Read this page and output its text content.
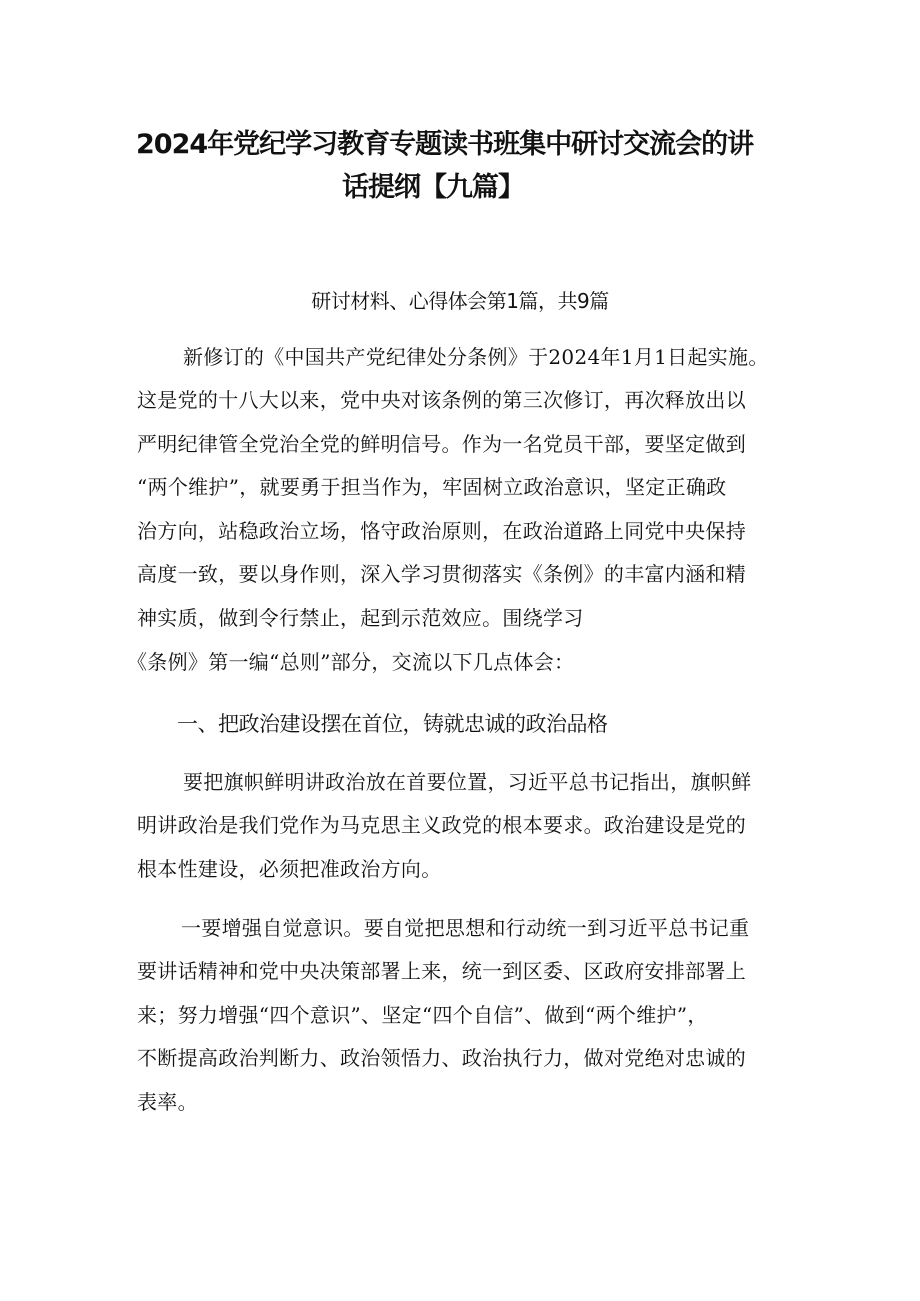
2024年党纪学习教育专题读书班集中研讨交流会的讲
话提纲【九篇】
研讨材料、心得体会第1篇，共9篇
新修订的《中国共产党纪律处分条例》于2024年1月1日起实施。
这是党的十八大以来，党中央对该条例的第三次修订，再次释放出以
严明纪律管全党治全党的鲜明信号。作为一名党员干部，要坚定做到
“两个维护”，就要勇于担当作为，牢固树立政治意识，坚定正确政
治方向，站稳政治立场，恪守政治原则，在政治道路上同党中央保持
高度一致，要以身作则，深入学习贯彻落实《条例》的丰富内涵和精
神实质，做到令行禁止，起到示范效应。围绕学习
《条例》第一编“总则”部分，交流以下几点体会：
一、把政治建设摆在首位，铸就忠诚的政治品格
要把旗帜鲜明讲政治放在首要位置，习近平总书记指出，旗帜鲜
明讲政治是我们党作为马克思主义政党的根本要求。政治建设是党的
根本性建设，必须把准政治方向。
一要增强自觉意识。要自觉把思想和行动统一到习近平总书记重
要讲话精神和党中央决策部署上来，统一到区委、区政府安排部署上
来；努力增强“四个意识”、坚定“四个自信”、做到“两个维护”，
不断提高政治判断力、政治领悟力、政治执行力，做对党绝对忠诚的
表率。
